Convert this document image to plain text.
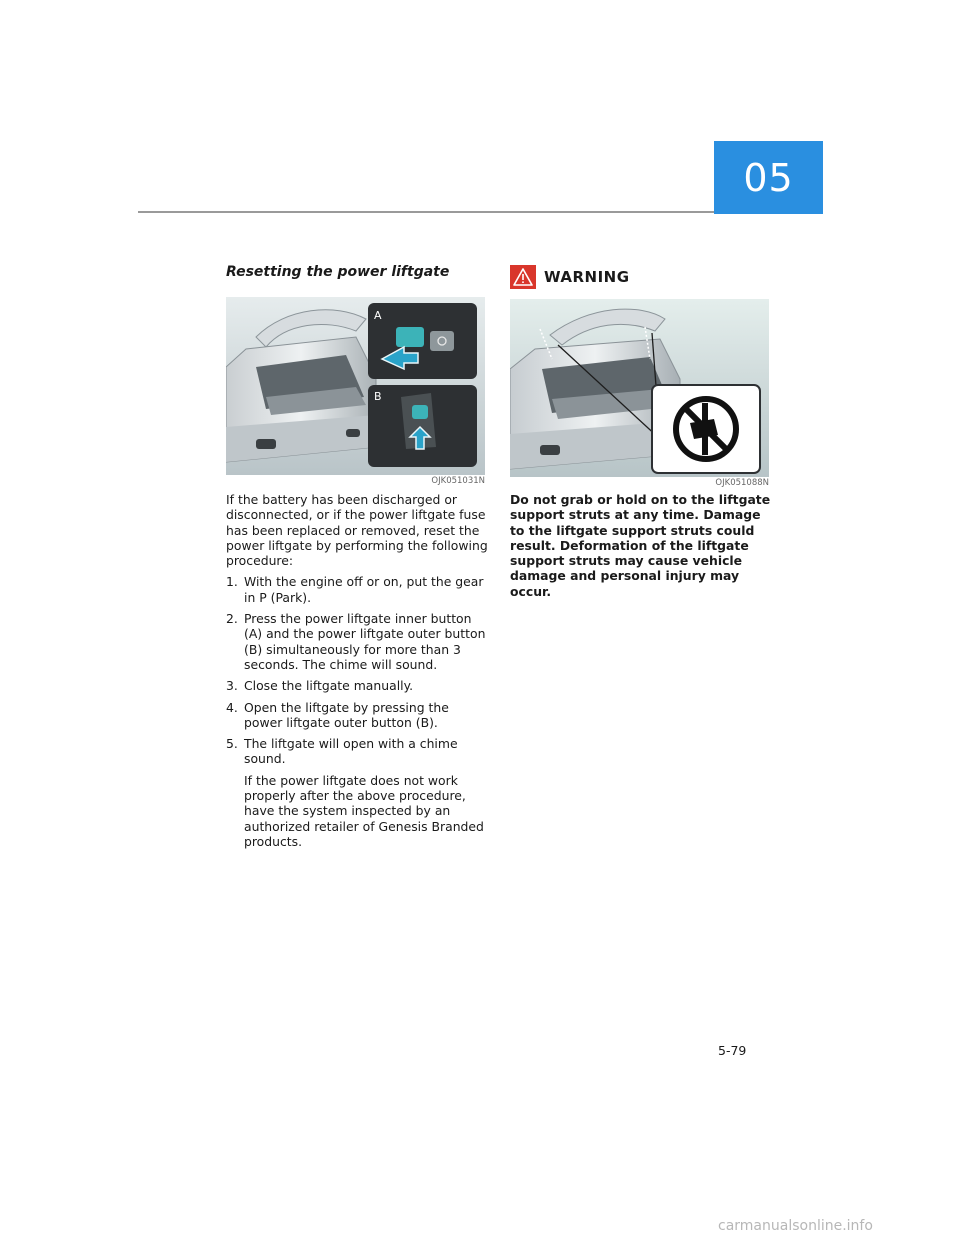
05
Resetting the power liftgate
A
B
OJK051031N

If the battery has been discharged or disconnected, or if the power liftgate fuse has been replaced or removed, reset the power liftgate by performing the following procedure:

1. With the engine off or on, put the gear in P (Park).
2. Press the power liftgate inner button (A) and the power liftgate outer button (B) simultaneously for more than 3 seconds. The chime will sound.
3. Close the liftgate manually.
4. Open the liftgate by pressing the power liftgate outer button (B).
5. The liftgate will open with a chime sound.
If the power liftgate does not work properly after the above procedure, have the system inspected by an authorized retailer of Genesis Branded products.
WARNING
OJK051088N
Do not grab or hold on to the liftgate support struts at any time. Damage to the liftgate support struts could result. Deformation of the liftgate support struts may cause vehicle damage and personal injury may occur.
5-79
carmanualsonline.info
